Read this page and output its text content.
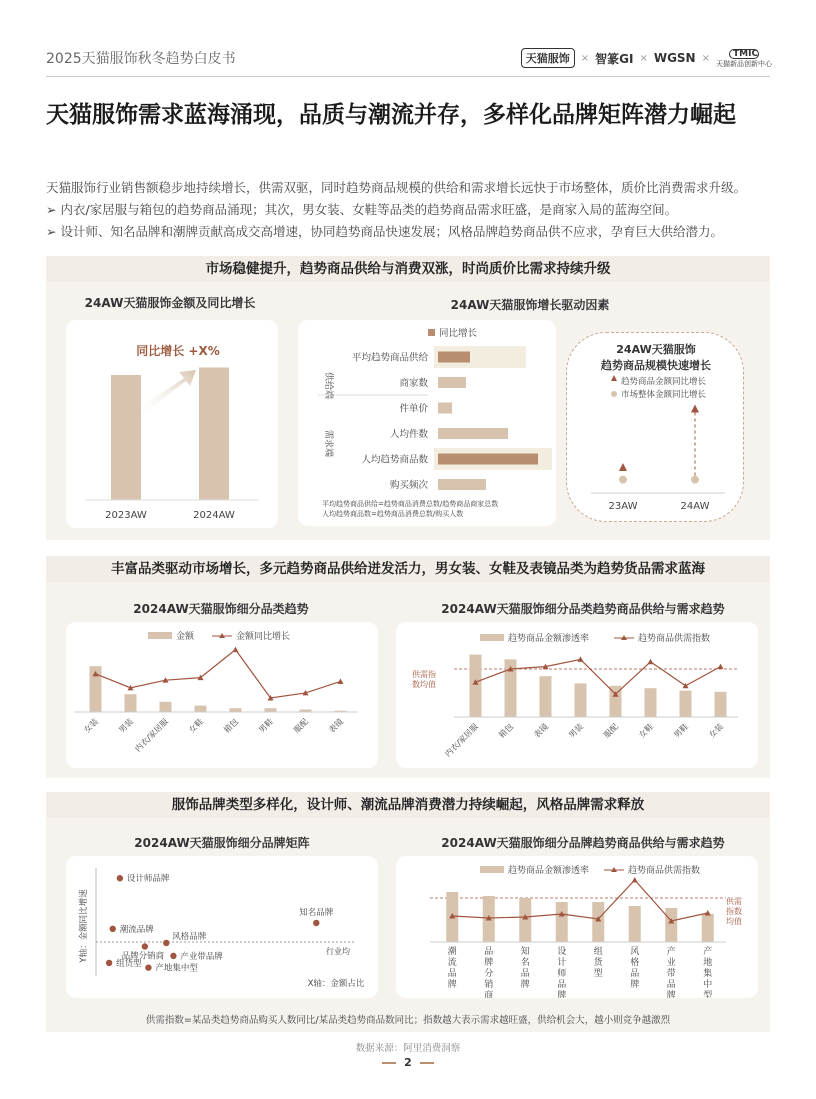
2025天猫服饰秋冬趋势白皮书	天猫服饰	× 智篆GI × WGSN ×	TMIC
天猫新品创新中心
天猫服饰需求蓝海涌现，品质与潮流并存，多样化品牌矩阵潜力崛起

天猫服饰行业销售额稳步地持续增长，供需双驱，同时趋势商品规模的供给和需求增长远快于市场整体，质价比消费需求升级。

➢ 内衣/家居服与箱包的趋势商品涌现；其次，男女装、女鞋等品类的趋势商品需求旺盛，是商家入局的蓝海空间。

➢ 设计师、知名品牌和潮牌贡献高成交高增速，协同趋势商品快速发展；风格品牌趋势商品供不应求，孕育巨大供给潜力。

市场稳健提升，趋势商品供给与消费双涨，时尚质价比需求持续升级
24AW天猫服饰金额及同比增长
同比增长 +X%
2023AW	2024AW
24AW天猫服饰增长驱动因素
同比增长
供给端
需求端
平均趋势商品供给
商家数
件单价
人均件数
人均趋势商品数
购买频次
平均趋势商品供给=趋势商品消费总数/趋势商品商家总数
人均趋势商品数=趋势商品消费总数/购买人数
24AW天猫服饰
趋势商品规模快速增长
趋势商品金额同比增长
市场整体金额同比增长
23AW	24AW
丰富品类驱动市场增长，多元趋势商品供给迸发活力，男女装、女鞋及表镜品类为趋势货品需求蓝海
2024AW天猫服饰细分品类趋势
金额	金额同比增长
女装 男装
内衣/家居服 女鞋 箱包 男鞋 服配 表镜
2024AW天猫服饰细分品类趋势商品供给与需求趋势
趋势商品金额渗透率	趋势商品供需指数
供需指数均值
内衣/家居服 箱包 表镜 男装 服配 女鞋 男鞋 女装
服饰品牌类型多样化，设计师、潮流品牌消费潜力持续崛起，风格品牌需求释放
2024AW天猫服饰细分品牌矩阵
Y轴：金额同比增速	行业均
X轴：金额占比
设计师品牌
潮流品牌
风格品牌
品牌分销商 产业带品牌
组货型 产地集中型
知名品牌
2024AW天猫服饰细分品牌趋势商品供给与需求趋势
趋势商品金额渗透率	趋势商品供需指数
供需指数均值
潮流品牌
品牌分销商
知名品牌
设计师品牌
组货型
风格品牌
产业带品牌
产地集中型
供需指数=某品类趋势商品购买人数同比/某品类趋势商品数同比；指数越大表示需求越旺盛，供给机会大，越小则竞争越激烈
数据来源：阿里消费洞察
2
